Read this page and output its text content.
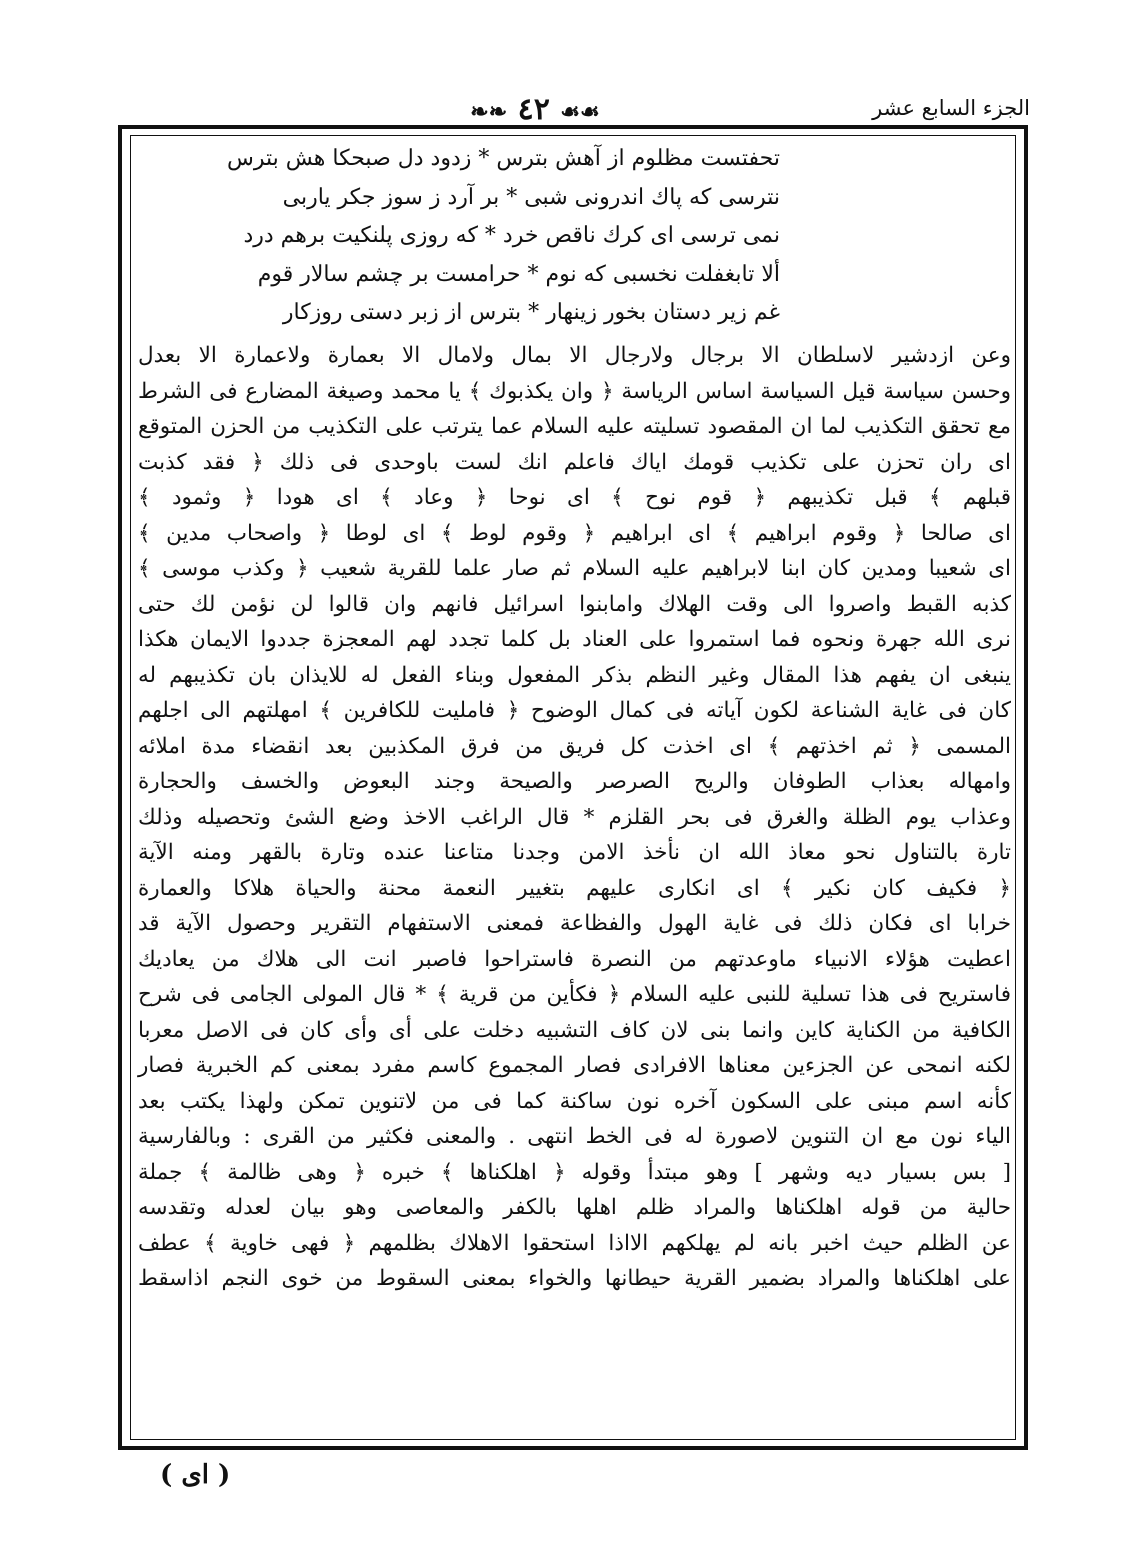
❧❧ ٤٢ ☙☙	الجزء السابع عشر
تحفتست مظلوم از آهش بترس * زدود دل صبحكا هش بترس
نترسى كه پاك اندرونى شبى * بر آرد ز سوز جكر ياربى
نمى ترسى اى كرك ناقص خرد * كه روزى پلنكيت برهم درد
ألا تابغفلت نخسبى كه نوم * حرامست بر چشم سالار قوم
غم زير دستان بخور زينهار * بترس از زبر دستى روزكار
وعن ازدشير لاسلطان الا برجال ولارجال الا بمال ولامال الا بعمارة ولاعمارة الا بعدل
وحسن سياسة قيل السياسة اساس الرياسة ﴿ وان يكذبوك ﴾ يا محمد وصيغة المضارع فى الشرط
مع تحقق التكذيب لما ان المقصود تسليته عليه السلام عما يترتب على التكذيب من الحزن المتوقع
اى ران تحزن على تكذيب قومك اياك فاعلم انك لست باوحدى فى ذلك ﴿ فقد كذبت
قبلهم ﴾ قبل تكذيبهم ﴿ قوم نوح ﴾ اى نوحا ﴿ وعاد ﴾ اى هودا ﴿ وثمود ﴾
اى صالحا ﴿ وقوم ابراهيم ﴾ اى ابراهيم ﴿ وقوم لوط ﴾ اى لوطا ﴿ واصحاب مدين ﴾
اى شعيبا ومدين كان ابنا لابراهيم عليه السلام ثم صار علما للقرية شعيب ﴿ وكذب موسى ﴾
كذبه القبط واصروا الى وقت الهلاك وامابنوا اسرائيل فانهم وان قالوا لن نؤمن لك حتى
نرى الله جهرة ونحوه فما استمروا على العناد بل كلما تجدد لهم المعجزة جددوا الايمان هكذا
ينبغى ان يفهم هذا المقال وغير النظم بذكر المفعول وبناء الفعل له للايذان بان تكذيبهم له
كان فى غاية الشناعة لكون آياته فى كمال الوضوح ﴿ فامليت للكافرين ﴾ امهلتهم الى اجلهم
المسمى ﴿ ثم اخذتهم ﴾ اى اخذت كل فريق من فرق المكذبين بعد انقضاء مدة املائه
وامهاله بعذاب الطوفان والريح الصرصر والصيحة وجند البعوض والخسف والحجارة
وعذاب يوم الظلة والغرق فى بحر القلزم * قال الراغب الاخذ وضع الشئ وتحصيله وذلك
تارة بالتناول نحو معاذ الله ان نأخذ الامن وجدنا متاعنا عنده وتارة بالقهر ومنه الآية
﴿ فكيف كان نكير ﴾ اى انكارى عليهم بتغيير النعمة محنة والحياة هلاكا والعمارة
خرابا اى فكان ذلك فى غاية الهول والفظاعة فمعنى الاستفهام التقرير وحصول الآية قد
اعطيت هؤلاء الانبياء ماوعدتهم من النصرة فاستراحوا فاصبر انت الى هلاك من يعاديك
فاستريح فى هذا تسلية للنبى عليه السلام ﴿ فكأين من قرية ﴾ * قال المولى الجامى فى شرح
الكافية من الكناية كاين وانما بنى لان كاف التشبيه دخلت على أى وأى كان فى الاصل معربا
لكنه انمحى عن الجزءين معناها الافرادى فصار المجموع كاسم مفرد بمعنى كم الخبرية فصار
كأنه اسم مبنى على السكون آخره نون ساكنة كما فى من لاتنوين تمكن ولهذا يكتب بعد
الياء نون مع ان التنوين لاصورة له فى الخط انتهى . والمعنى فكثير من القرى : وبالفارسية
[ بس بسيار ديه وشهر ] وهو مبتدأ وقوله ﴿ اهلكناها ﴾ خبره ﴿ وهى ظالمة ﴾ جملة
حالية من قوله اهلكناها والمراد ظلم اهلها بالكفر والمعاصى وهو بيان لعدله وتقدسه
عن الظلم حيث اخبر بانه لم يهلكهم الااذا استحقوا الاهلاك بظلمهم ﴿ فهى خاوية ﴾ عطف
على اهلكناها والمراد بضمير القرية حيطانها والخواء بمعنى السقوط من خوى النجم اذاسقط
( اى )
